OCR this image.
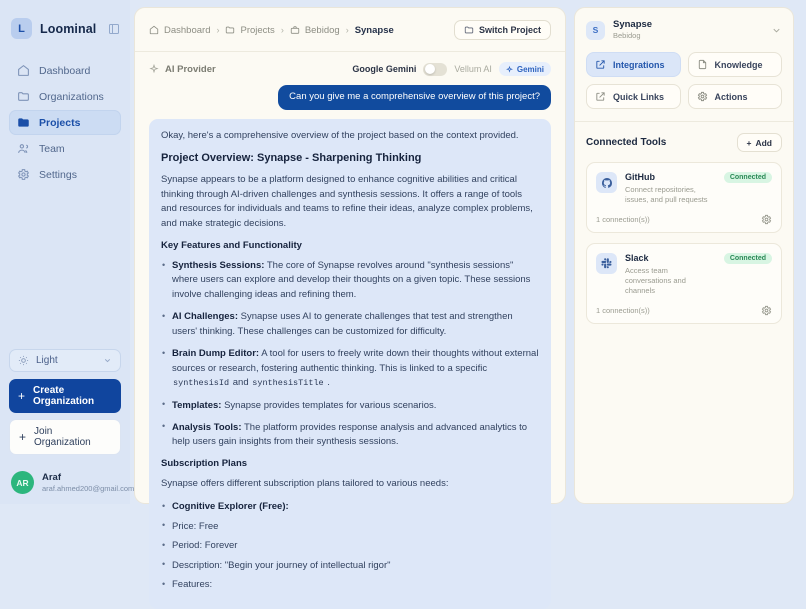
L	Loominal
Dashboard
Organizations
Projects
Team
Settings
Light
+ Create Organization
+ Join Organization
AR	Araf
araf.ahmed200@gmail.com
Dashboard › Projects › Bebidog › Synapse	Switch Project
AI Provider	Google Gemini	Vellum AI	Gemini
Can you give me a comprehensive overview of this project?

Okay, here's a comprehensive overview of the project based on the context provided.

Project Overview: Synapse - Sharpening Thinking

Synapse appears to be a platform designed to enhance cognitive abilities and critical thinking through AI-driven challenges and synthesis sessions. It offers a range of tools and resources for individuals and teams to refine their ideas, analyze complex problems, and make strategic decisions.

Key Features and Functionality
• Synthesis Sessions: The core of Synapse revolves around "synthesis sessions" where users can explore and develop their thoughts on a given topic. These sessions involve challenging ideas and refining them.
• AI Challenges: Synapse uses AI to generate challenges that test and strengthen users' thinking. These challenges can be customized for difficulty.
• Brain Dump Editor: A tool for users to freely write down their thoughts without external sources or research, fostering authentic thinking. This is linked to a specific synthesisId and synthesisTitle .
• Templates: Synapse provides templates for various scenarios.
• Analysis Tools: The platform provides response analysis and advanced analytics to help users gain insights from their synthesis sessions.
Subscription Plans

Synapse offers different subscription plans tailored to various needs:

• Cognitive Explorer (Free):
• Price: Free
• Period: Forever
• Description: "Begin your journey of intellectual rigor"
• Features:
S	Synapse
Bebidog
Integrations	Knowledge
Quick Links	Actions
Connected Tools	+ Add
GitHub
Connect repositories, issues, and pull requests
Connected
1 connection(s))
Slack
Access team conversations and channels
Connected
1 connection(s))
